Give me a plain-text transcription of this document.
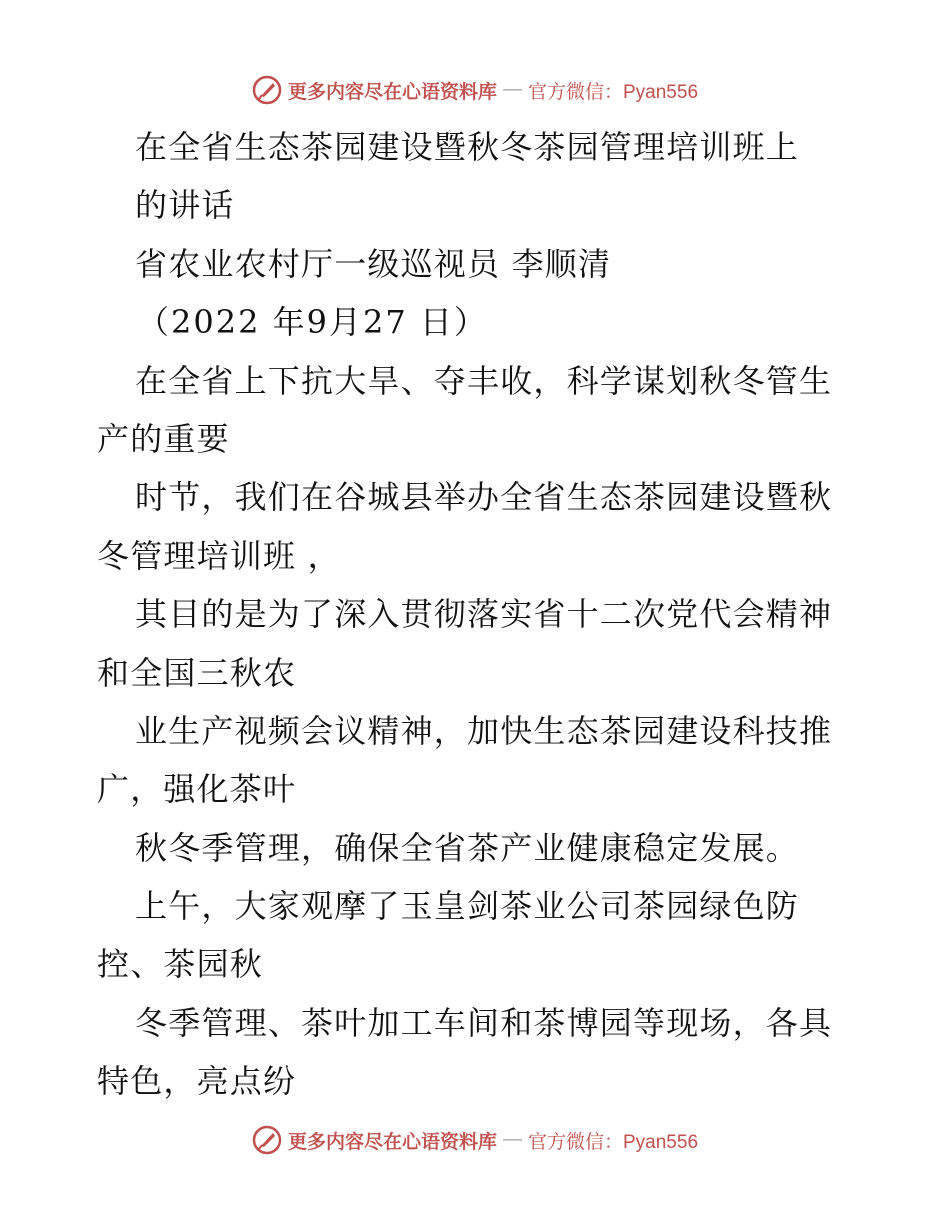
更多内容尽在心语资料库 — 官方微信：Pyan556
在全省生态茶园建设暨秋冬茶园管理培训班上
的讲话
省农业农村厅一级巡视员 李顺清
（2022 年9月27 日）
在全省上下抗大旱、夺丰收，科学谋划秋冬管生
产的重要
时节，我们在谷城县举办全省生态茶园建设暨秋
冬管理培训班 ，
其目的是为了深入贯彻落实省十二次党代会精神
和全国三秋农
业生产视频会议精神，加快生态茶园建设科技推
广，强化茶叶
秋冬季管理，确保全省茶产业健康稳定发展。
上午，大家观摩了玉皇剑茶业公司茶园绿色防
控、茶园秋
冬季管理、茶叶加工车间和茶博园等现场，各具
特色，亮点纷
更多内容尽在心语资料库 — 官方微信：Pyan556
